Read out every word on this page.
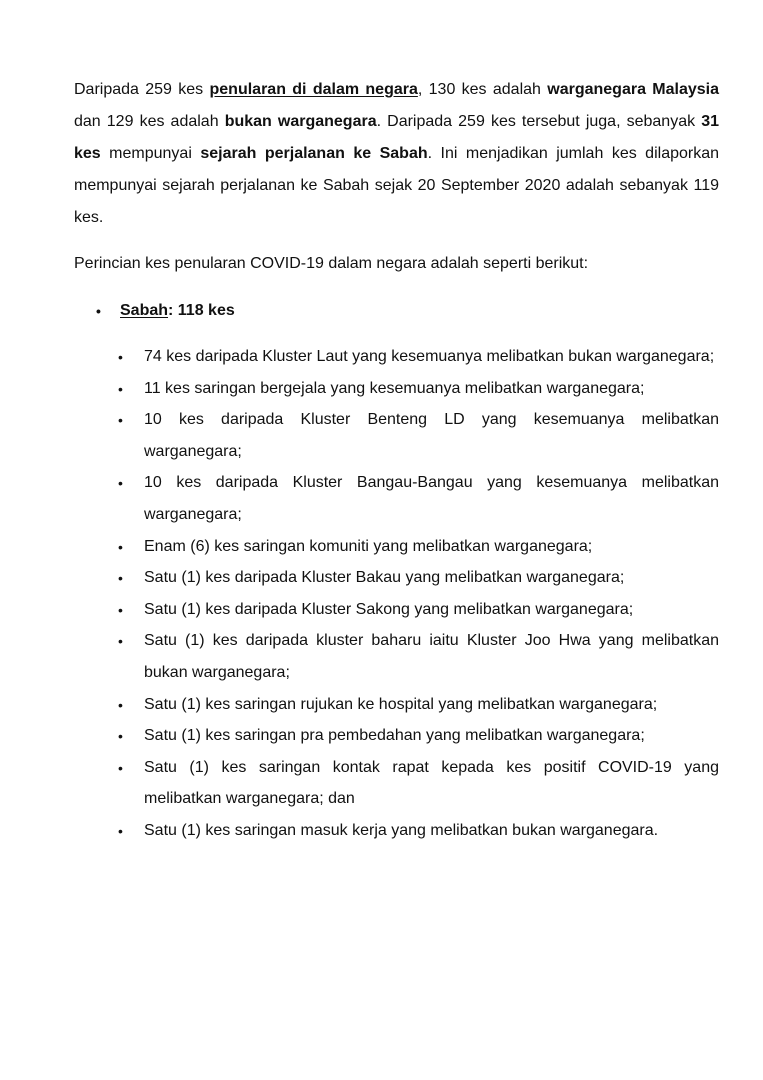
Daripada 259 kes penularan di dalam negara, 130 kes adalah warganegara Malaysia dan 129 kes adalah bukan warganegara. Daripada 259 kes tersebut juga, sebanyak 31 kes mempunyai sejarah perjalanan ke Sabah. Ini menjadikan jumlah kes dilaporkan mempunyai sejarah perjalanan ke Sabah sejak 20 September 2020 adalah sebanyak 119 kes.

Perincian kes penularan COVID-19 dalam negara adalah seperti berikut:

• Sabah: 118 kes
• 74 kes daripada Kluster Laut yang kesemuanya melibatkan bukan warganegara;
• 11 kes saringan bergejala yang kesemuanya melibatkan warganegara;
• 10 kes daripada Kluster Benteng LD yang kesemuanya melibatkan warganegara;
• 10 kes daripada Kluster Bangau-Bangau yang kesemuanya melibatkan warganegara;
• Enam (6) kes saringan komuniti yang melibatkan warganegara;
• Satu (1) kes daripada Kluster Bakau yang melibatkan warganegara;
• Satu (1) kes daripada Kluster Sakong yang melibatkan warganegara;
• Satu (1) kes daripada kluster baharu iaitu Kluster Joo Hwa yang melibatkan bukan warganegara;
• Satu (1) kes saringan rujukan ke hospital yang melibatkan warganegara;
• Satu (1) kes saringan pra pembedahan yang melibatkan warganegara;
• Satu (1) kes saringan kontak rapat kepada kes positif COVID-19 yang melibatkan warganegara; dan
• Satu (1) kes saringan masuk kerja yang melibatkan bukan warganegara.
